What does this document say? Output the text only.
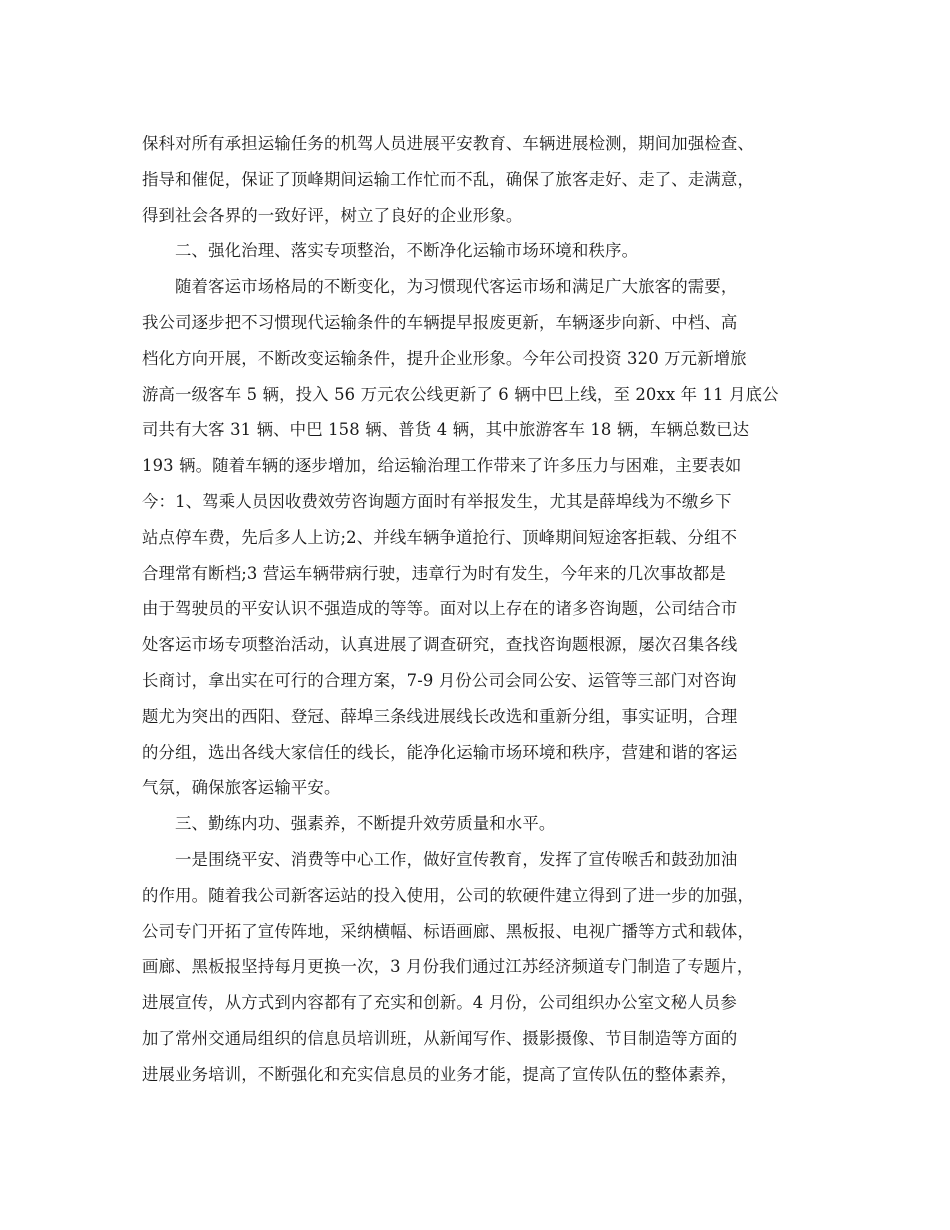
保科对所有承担运输任务的机驾人员进展平安教育、车辆进展检测，期间加强检查、
指导和催促，保证了顶峰期间运输工作忙而不乱，确保了旅客走好、走了、走满意，
得到社会各界的一致好评，树立了良好的企业形象。
二、强化治理、落实专项整治，不断净化运输市场环境和秩序。
随着客运市场格局的不断变化，为习惯现代客运市场和满足广大旅客的需要，
我公司逐步把不习惯现代运输条件的车辆提早报废更新，车辆逐步向新、中档、高
档化方向开展，不断改变运输条件，提升企业形象。今年公司投资 320 万元新增旅
游高一级客车 5 辆，投入 56 万元农公线更新了 6 辆中巴上线，至 20xx 年 11 月底公
司共有大客 31 辆、中巴 158 辆、普货 4 辆，其中旅游客车 18 辆，车辆总数已达
193 辆。随着车辆的逐步增加，给运输治理工作带来了许多压力与困难，主要表如
今：1、驾乘人员因收费效劳咨询题方面时有举报发生，尤其是薛埠线为不缴乡下
站点停车费，先后多人上访;2、并线车辆争道抢行、顶峰期间短途客拒载、分组不
合理常有断档;3 营运车辆带病行驶，违章行为时有发生，今年来的几次事故都是
由于驾驶员的平安认识不强造成的等等。面对以上存在的诸多咨询题，公司结合市
处客运市场专项整治活动，认真进展了调查研究，查找咨询题根源，屡次召集各线
长商讨，拿出实在可行的合理方案，7-9 月份公司会同公安、运管等三部门对咨询
题尤为突出的西阳、登冠、薛埠三条线进展线长改选和重新分组，事实证明，合理
的分组，选出各线大家信任的线长，能净化运输市场环境和秩序，营建和谐的客运
气氛，确保旅客运输平安。
三、勤练内功、强素养，不断提升效劳质量和水平。
一是围绕平安、消费等中心工作，做好宣传教育，发挥了宣传喉舌和鼓劲加油
的作用。随着我公司新客运站的投入使用，公司的软硬件建立得到了进一步的加强，
公司专门开拓了宣传阵地，采纳横幅、标语画廊、黑板报、电视广播等方式和载体，
画廊、黑板报坚持每月更换一次，3 月份我们通过江苏经济频道专门制造了专题片，
进展宣传，从方式到内容都有了充实和创新。4 月份，公司组织办公室文秘人员参
加了常州交通局组织的信息员培训班，从新闻写作、摄影摄像、节目制造等方面的
进展业务培训，不断强化和充实信息员的业务才能，提高了宣传队伍的整体素养，
